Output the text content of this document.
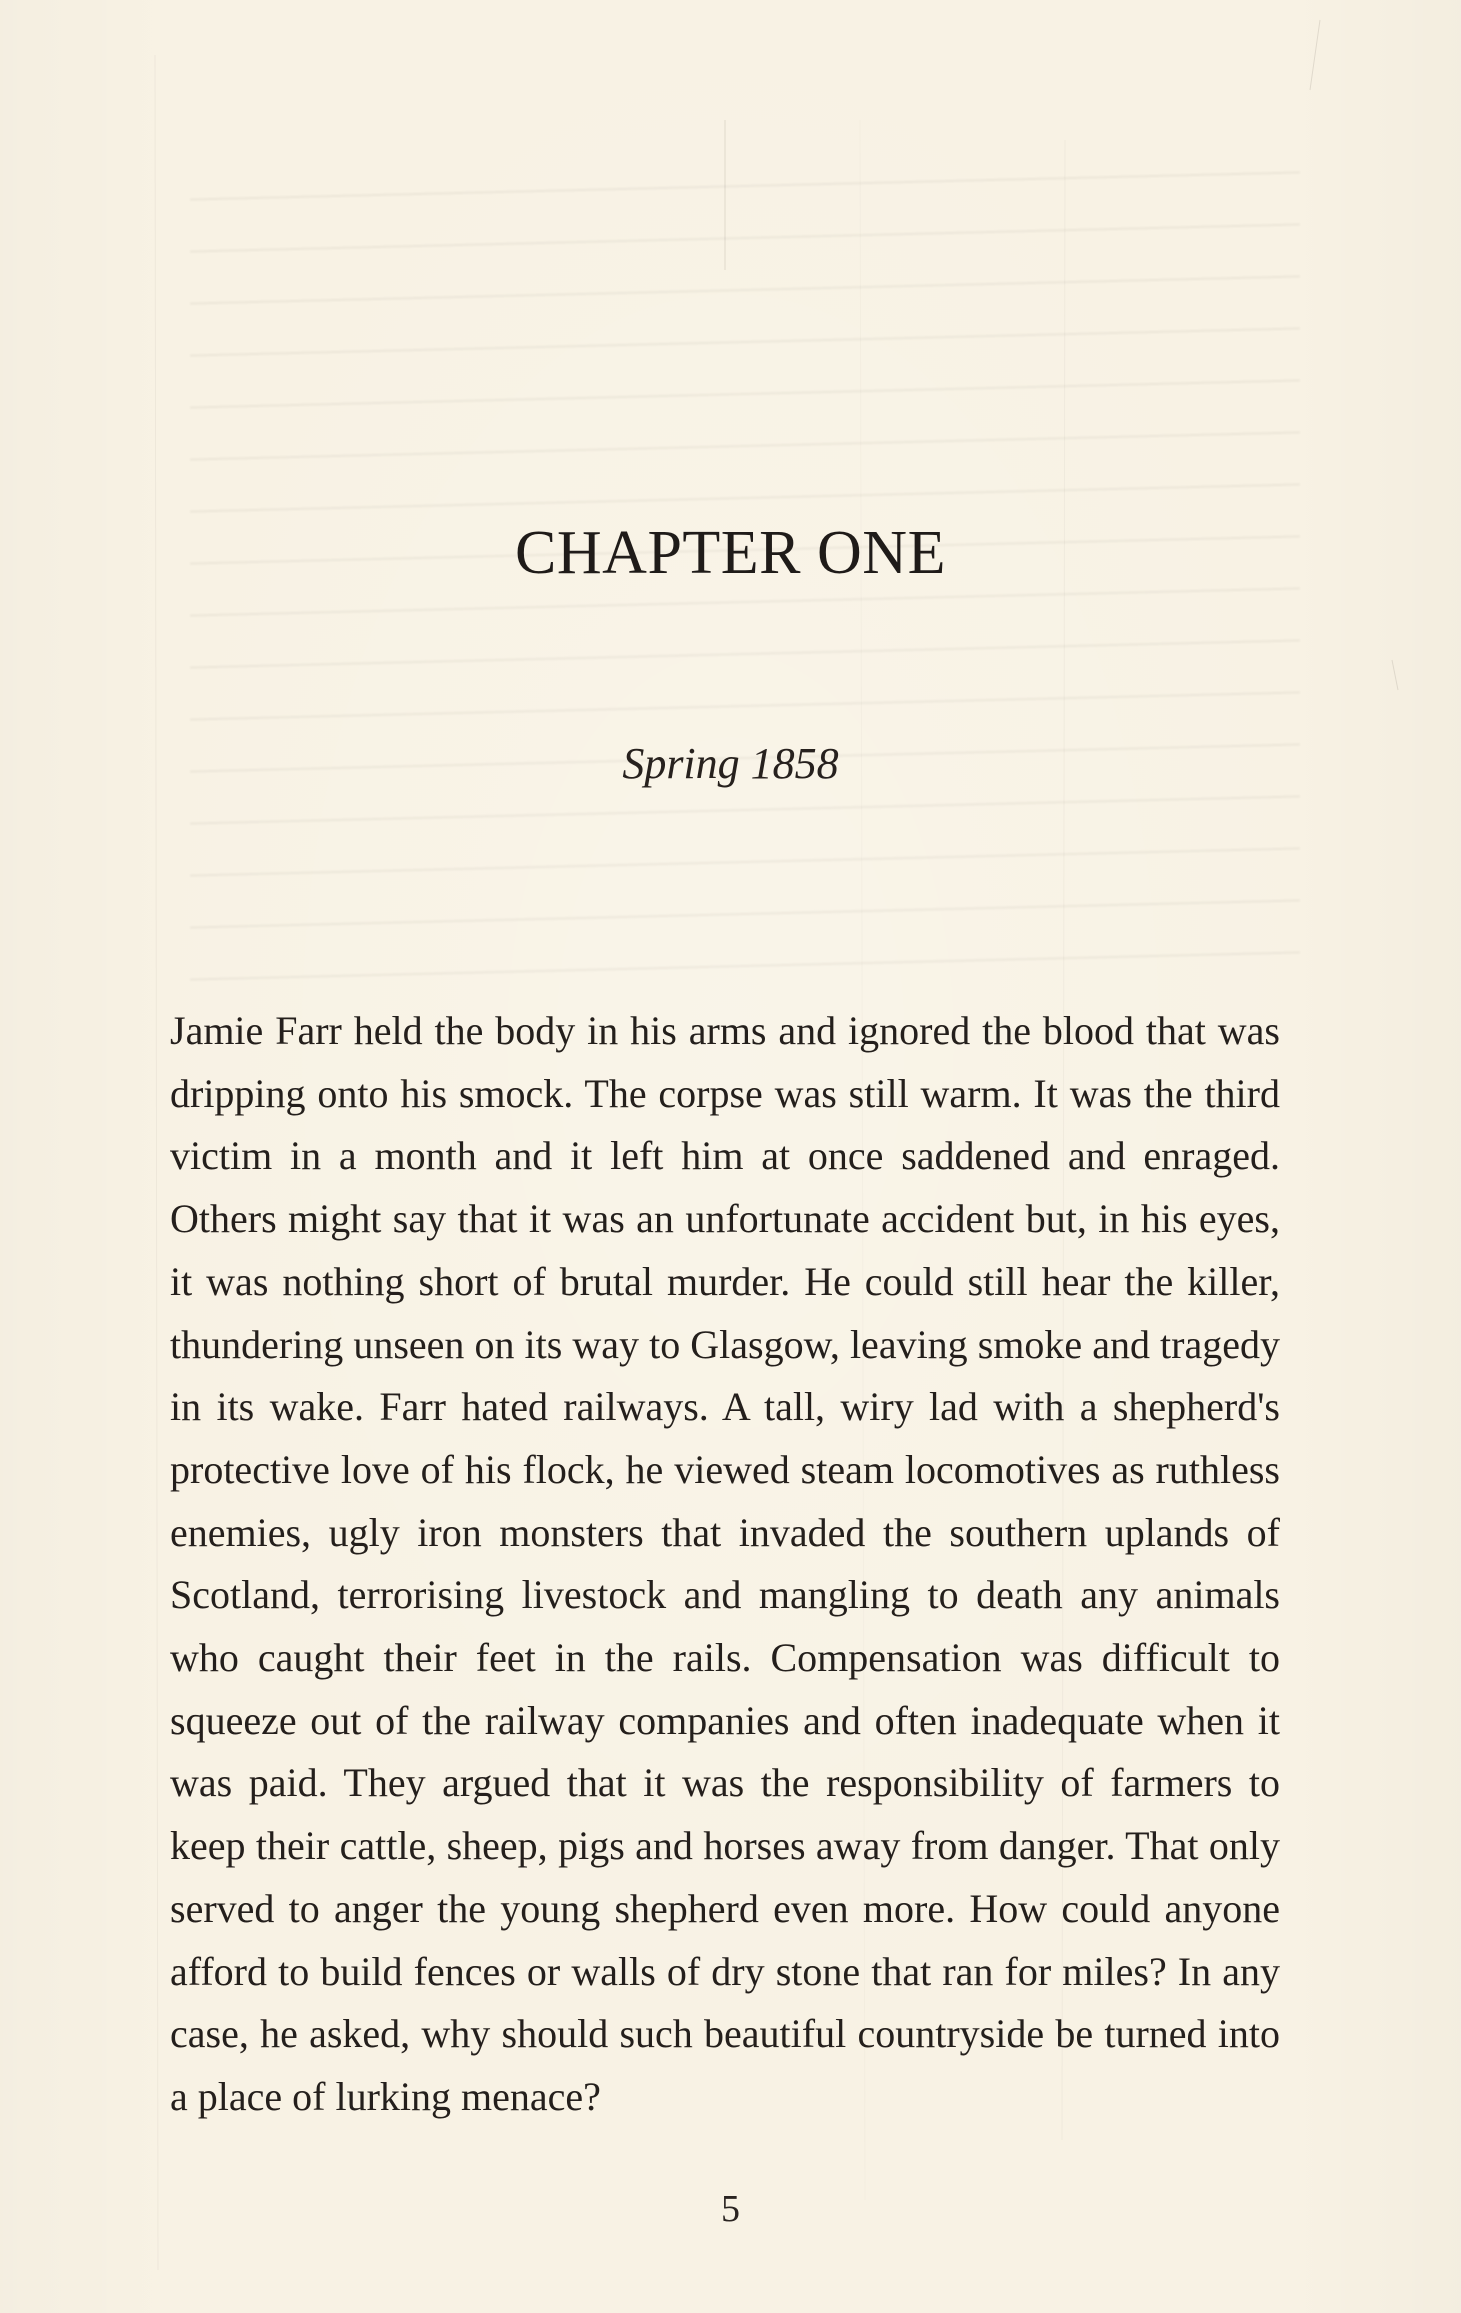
CHAPTER ONE
Spring 1858
Jamie Farr held the body in his arms and ignored the blood that was dripping onto his smock. The corpse was still warm. It was the third victim in a month and it left him at once saddened and enraged. Others might say that it was an unfortunate accident but, in his eyes, it was nothing short of brutal murder. He could still hear the killer, thundering unseen on its way to Glasgow, leaving smoke and tragedy in its wake. Farr hated railways. A tall, wiry lad with a shepherd's protective love of his flock, he viewed steam locomotives as ruthless enemies, ugly iron monsters that invaded the southern uplands of Scotland, terrorising livestock and mangling to death any animals who caught their feet in the rails. Compensation was difficult to squeeze out of the railway companies and often inadequate when it was paid. They argued that it was the responsibility of farmers to keep their cattle, sheep, pigs and horses away from danger. That only served to anger the young shepherd even more. How could anyone afford to build fences or walls of dry stone that ran for miles? In any case, he asked, why should such beautiful countryside be turned into a place of lurking menace?
5
